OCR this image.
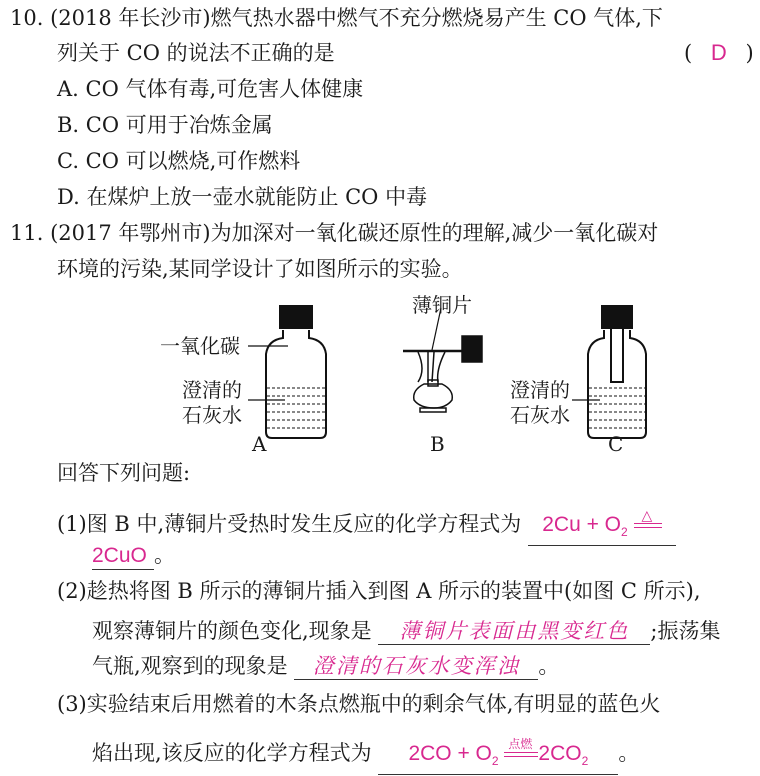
10. (2018 年长沙市)燃气热水器中燃气不充分燃烧易产生 CO 气体,下
列关于 CO 的说法不正确的是	( D )
A. CO 气体有毒,可危害人体健康
B. CO 可用于冶炼金属
C. CO 可以燃烧,可作燃料
D. 在煤炉上放一壶水就能防止 CO 中毒
11. (2017 年鄂州市)为加深对一氧化碳还原性的理解,减少一氧化碳对
环境的污染,某同学设计了如图所示的实验。
一氧化碳
澄清的
石灰水
薄铜片
澄清的
石灰水
A	B	C
回答下列问题:
(1)图 B 中,薄铜片受热时发生反应的化学方程式为 $2Cu + O_2$
△
2CuO 。
(2)趁热将图 B 所示的薄铜片插入到图 A 所示的装置中(如图 C 所示),
观察薄铜片的颜色变化,现象是 薄铜片表面由黑变红色 ;振荡集
气瓶,观察到的现象是 澄清的石灰水变浑浊 。
(3)实验结束后用燃着的木条点燃瓶中的剩余气体,有明显的蓝色火
焰出现,该反应的化学方程式为 $2CO + O_2$
点燃 $2CO_2$ 。
